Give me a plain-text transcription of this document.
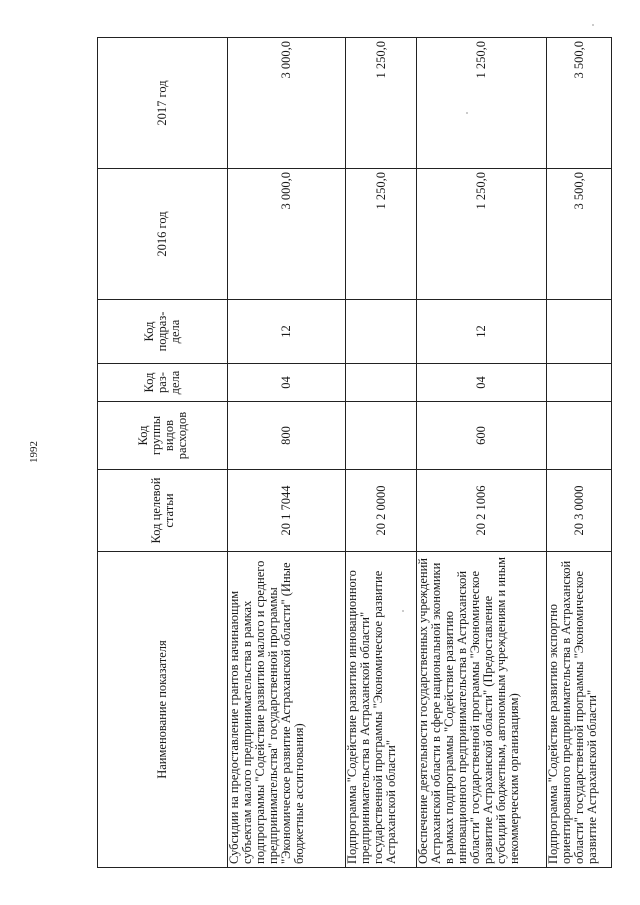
1992
Наименование показателя	Код целевой статьи	Код группы видов расходов	Код раз- дела	Код подраз- дела	2016 год	2017 год
Субсидии на предоставление грантов начинающим субъектам малого предпринимательства в рамках подпрограммы "Содействие развитию малого и среднего предпринимательства" государственной программы "Экономическое развитие Астраханской области" (Иные бюджетные ассигнования)	20 1 7044	800	04	12	3 000,0	3 000,0
Подпрограмма "Содействие развитию инновационного предпринимательства в Астраханской области" государственной программы "Экономическое развитие Астраханской области"	20 2 0000				1 250,0	1 250,0
Обеспечение деятельности государственных учреждений Астраханской области в сфере национальной экономики в рамках подпрограммы "Содействие развитию инновационного предпринимательства в Астраханской области" государственной программы "Экономическое развитие Астраханской области" (Предоставление субсидий бюджетным, автономным учреждениям и иным некоммерческим организациям)	20 2 1006	600	04	12	1 250,0	1 250,0
Подпрограмма "Содействие развитию экспортно ориентированного предпринимательства в Астраханской области" государственной программы "Экономическое развитие Астраханской области"	20 3 0000				3 500,0	3 500,0
